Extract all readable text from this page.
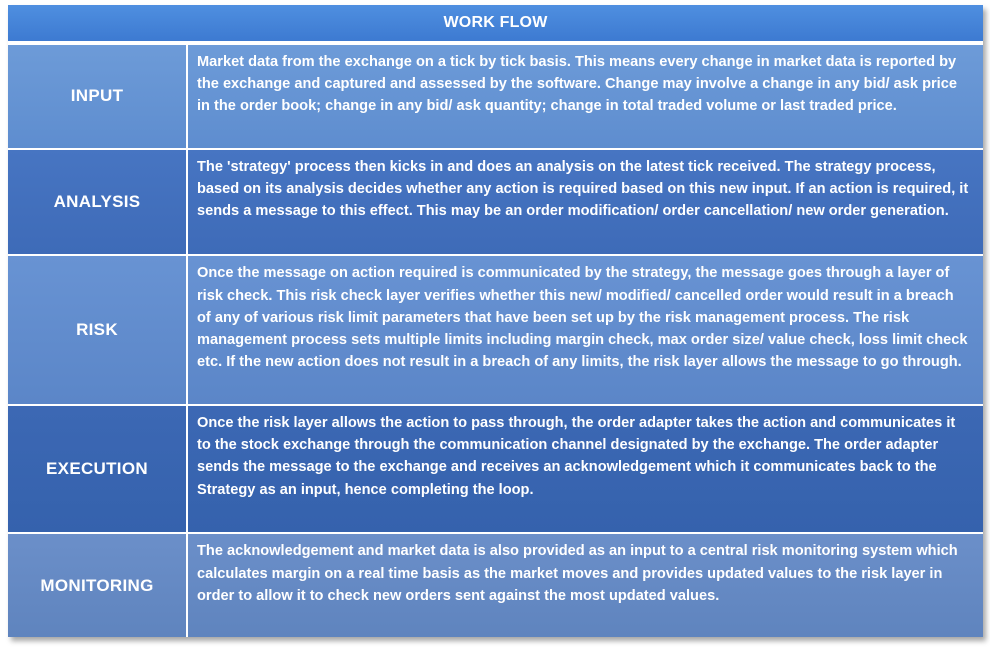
WORK FLOW
INPUT
Market data from the exchange on a tick by tick basis. This means every change in market data is reported by the exchange and captured and assessed by the software. Change may involve a change in any bid/ ask price in the order book; change in any bid/ ask quantity; change in total traded volume or last traded price.
ANALYSIS
The 'strategy' process then kicks in and does an analysis on the latest tick received. The strategy process, based on its analysis decides whether any action is required based on this new input. If an action is required, it sends a message to this effect. This may be an order modification/ order cancellation/ new order generation.
RISK
Once the message on action required is communicated by the strategy, the message goes through a layer of risk check. This risk check layer verifies whether this new/ modified/ cancelled order would result in a breach of any of various risk limit parameters that have been set up by the risk management process. The risk management process sets multiple limits including margin check, max order size/ value check, loss limit check etc. If the new action does not result in a breach of any limits, the risk layer allows the message to go through.
EXECUTION
Once the risk layer allows the action to pass through, the order adapter takes the action and communicates it to the stock exchange through the communication channel designated by the exchange. The order adapter sends the message to the exchange and receives an acknowledgement which it communicates back to the Strategy as an input, hence completing the loop.
MONITORING
The acknowledgement and market data is also provided as an input to a central risk monitoring system which calculates margin on a real time basis as the market moves and provides updated values to the risk layer in order to allow it to check new orders sent against the most updated values.
